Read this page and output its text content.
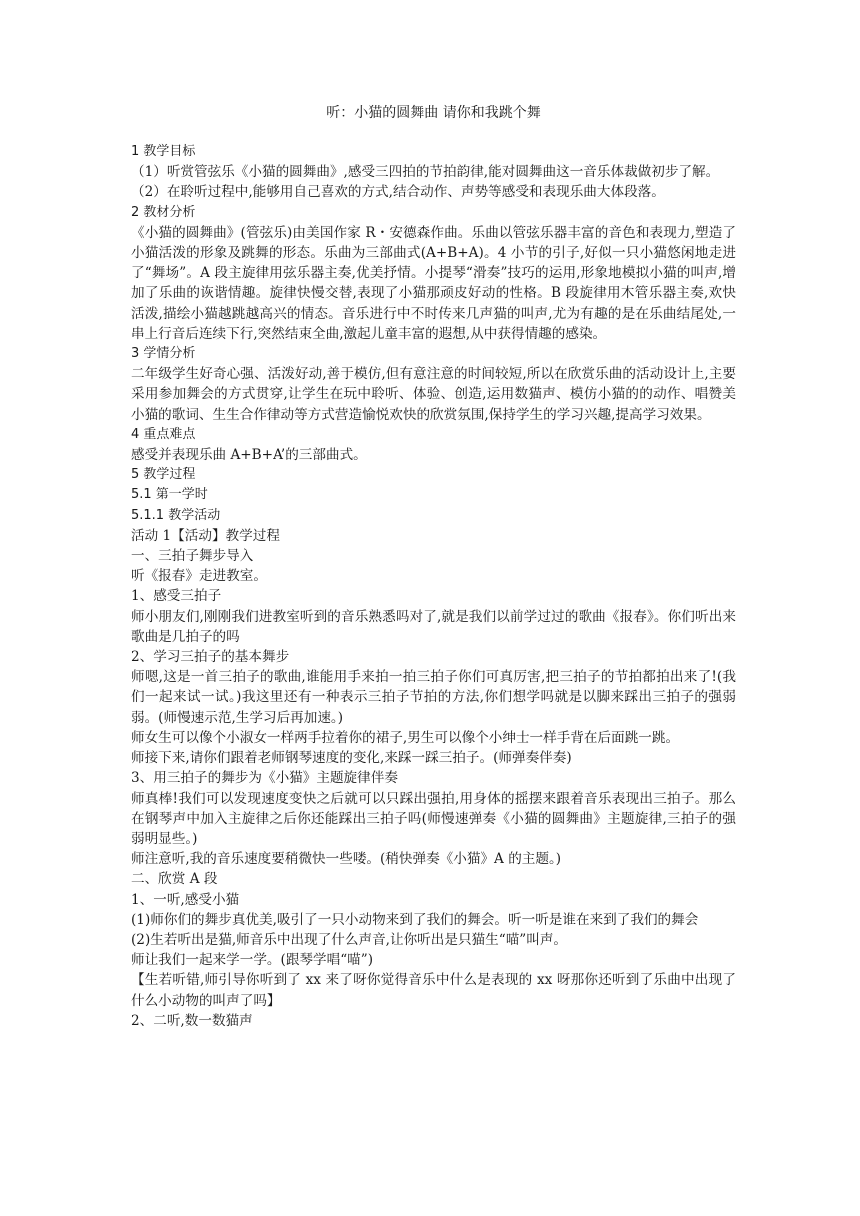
听：小猫的圆舞曲 请你和我跳个舞

1 教学目标

（1）听赏管弦乐《小猫的圆舞曲》,感受三四拍的节拍韵律,能对圆舞曲这一音乐体裁做初步了解。

（2）在聆听过程中,能够用自己喜欢的方式,结合动作、声势等感受和表现乐曲大体段落。

2 教材分析

《小猫的圆舞曲》(管弦乐)由美国作家 R・安德森作曲。乐曲以管弦乐器丰富的音色和表现力,塑造了小猫活泼的形象及跳舞的形态。乐曲为三部曲式(A+B+A)。4 小节的引子,好似一只小猫悠闲地走进了“舞场”。A 段主旋律用弦乐器主奏,优美抒情。小提琴“滑奏”技巧的运用,形象地模拟小猫的叫声,增加了乐曲的诙谐情趣。旋律快慢交替,表现了小猫那顽皮好动的性格。B 段旋律用木管乐器主奏,欢快活泼,描绘小猫越跳越高兴的情态。音乐进行中不时传来几声猫的叫声,尤为有趣的是在乐曲结尾处,一串上行音后连续下行,突然结束全曲,激起儿童丰富的遐想,从中获得情趣的感染。

3 学情分析

二年级学生好奇心强、活泼好动,善于模仿,但有意注意的时间较短,所以在欣赏乐曲的活动设计上,主要采用参加舞会的方式贯穿,让学生在玩中聆听、体验、创造,运用数猫声、模仿小猫的的动作、唱赞美小猫的歌词、生生合作律动等方式营造愉悦欢快的欣赏氛围,保持学生的学习兴趣,提高学习效果。

4 重点难点

感受并表现乐曲 A+B+A’的三部曲式。

5 教学过程

5.1 第一学时

5.1.1 教学活动

活动 1【活动】教学过程

一、三拍子舞步导入

听《报春》走进教室。

1、感受三拍子

师小朋友们,刚刚我们进教室听到的音乐熟悉吗对了,就是我们以前学过过的歌曲《报春》。你们听出来歌曲是几拍子的吗

2、学习三拍子的基本舞步

师嗯,这是一首三拍子的歌曲,谁能用手来拍一拍三拍子你们可真厉害,把三拍子的节拍都拍出来了!(我们一起来试一试。)我这里还有一种表示三拍子节拍的方法,你们想学吗就是以脚来踩出三拍子的强弱弱。(师慢速示范,生学习后再加速。)

师女生可以像个小淑女一样两手拉着你的裙子,男生可以像个小绅士一样手背在后面跳一跳。

师接下来,请你们跟着老师钢琴速度的变化,来踩一踩三拍子。(师弹奏伴奏)

3、用三拍子的舞步为《小猫》主题旋律伴奏

师真棒!我们可以发现速度变快之后就可以只踩出强拍,用身体的摇摆来跟着音乐表现出三拍子。那么在钢琴声中加入主旋律之后你还能踩出三拍子吗(师慢速弹奏《小猫的圆舞曲》主题旋律,三拍子的强弱明显些。)

师注意听,我的音乐速度要稍微快一些喽。(稍快弹奏《小猫》A 的主题。)

二、欣赏 A 段

1、一听,感受小猫

(1)师你们的舞步真优美,吸引了一只小动物来到了我们的舞会。听一听是谁在来到了我们的舞会

(2)生若听出是猫,师音乐中出现了什么声音,让你听出是只猫生“喵”叫声。

师让我们一起来学一学。(跟琴学唱“喵”)

【生若听错,师引导你听到了 xx 来了呀你觉得音乐中什么是表现的 xx 呀那你还听到了乐曲中出现了什么小动物的叫声了吗】

2、二听,数一数猫声
